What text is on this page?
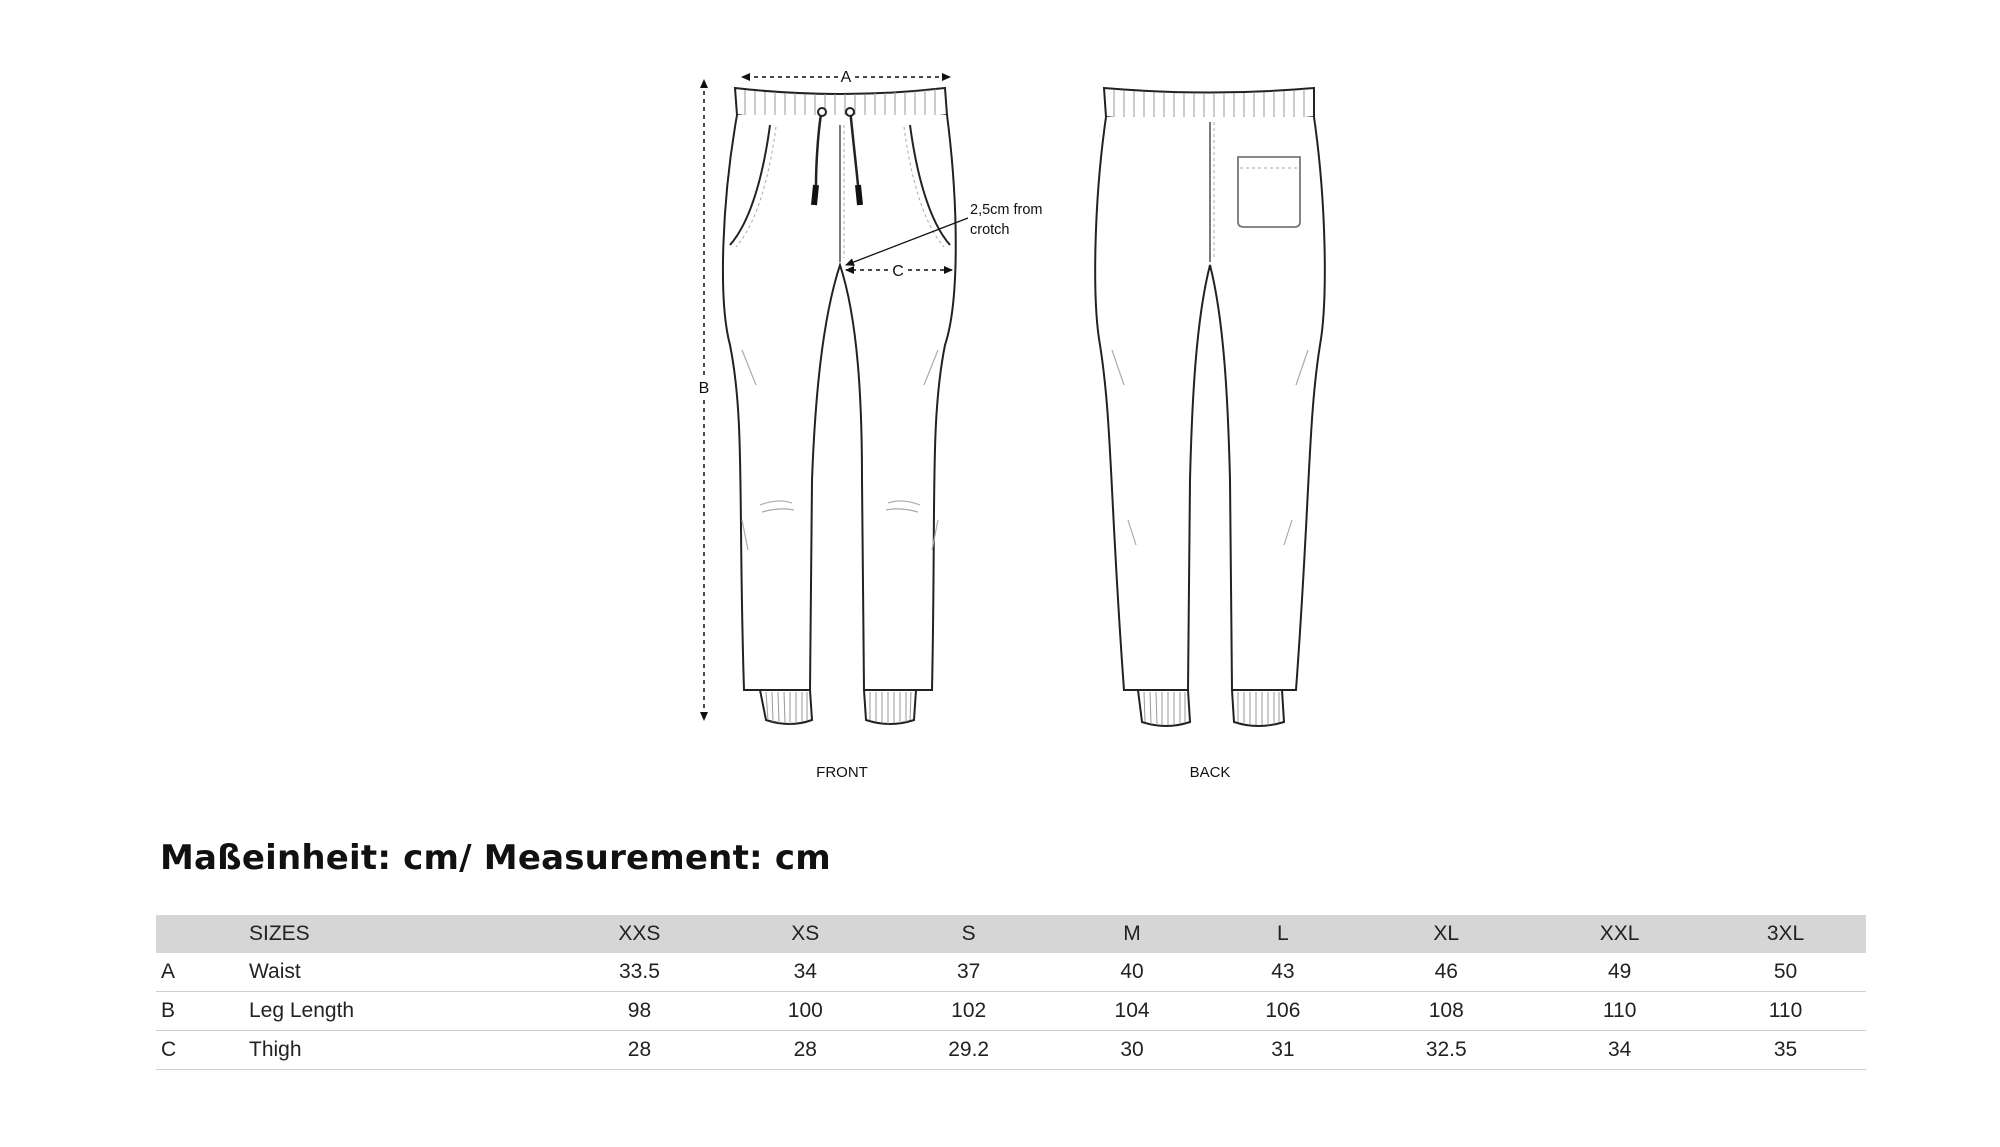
A
B
C
2,5cm from
crotch
FRONT	BACK
Maßeinheit: cm/ Measurement: cm
	SIZES	XXS	XS	S	M	L	XL	XXL	3XL
A	Waist	33.5	34	37	40	43	46	49	50
B	Leg Length	98	100	102	104	106	108	110	110
C	Thigh	28	28	29.2	30	31	32.5	34	35
